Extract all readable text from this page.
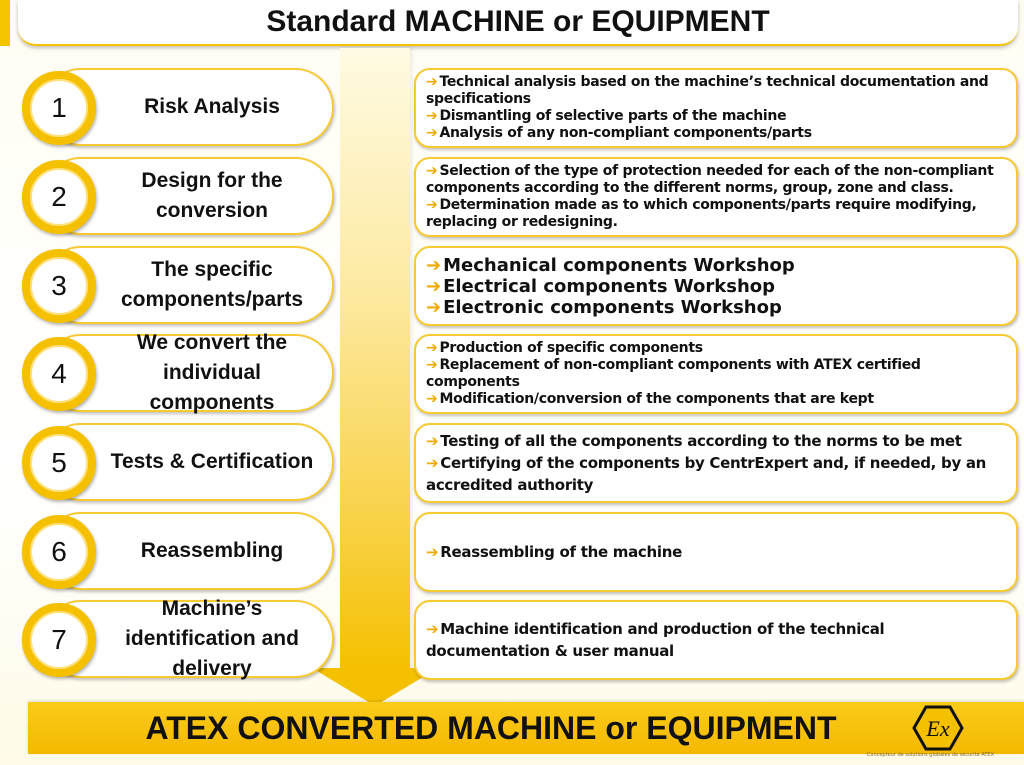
Standard MACHINE or EQUIPMENT
Risk Analysis
1
Design for the conversion
2
The specific components/parts
3
We convert the individual components
4
Tests & Certification
5
Reassembling
6
Machine’s identification and delivery
7
➔ Technical analysis based on the machine’s technical documentation and specifications
➔ Dismantling of selective parts of the machine
➔ Analysis of any non-compliant components/parts
➔ Selection of the type of protection needed for each of the non-compliant components according to the different norms, group, zone and class.
➔ Determination made as to which components/parts require modifying, replacing or redesigning.
➔ Mechanical components Workshop
➔ Electrical components Workshop
➔ Electronic components Workshop
➔ Production of specific components
➔ Replacement of non-compliant components with ATEX certified components
➔ Modification/conversion of the components that are kept
➔ Testing of all the components according to the norms to be met
➔ Certifying of the components by CentrExpert and, if needed, by an accredited authority
➔ Reassembling of the machine
➔ Machine identification and production of the technical documentation & user manual
ATEX CONVERTED MACHINE or EQUIPMENT	Ex
Concepteur de solutions globales de sécurité ATEX
